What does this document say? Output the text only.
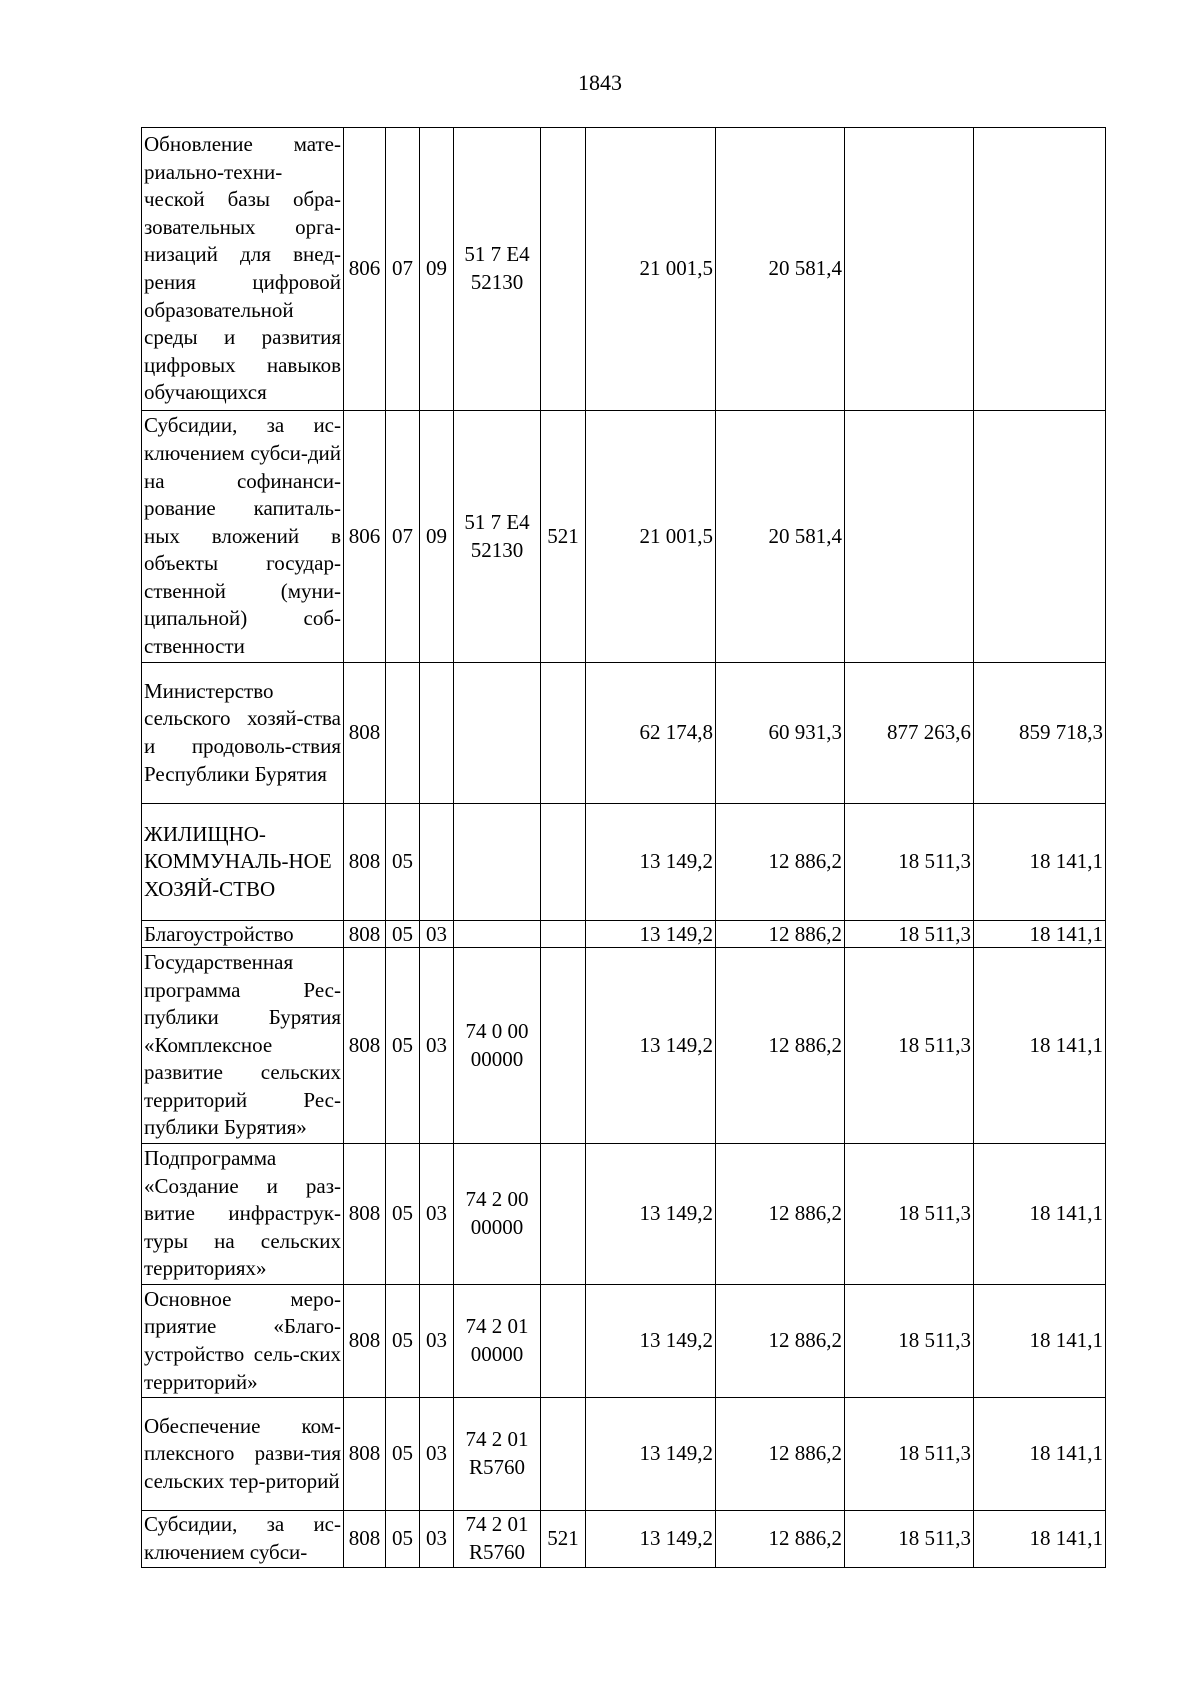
1843
Обновление мате-риально-техни-ческой базы обра-зовательных орга-низаций для внед-рения цифровой образовательной среды и развития цифровых навыков обучающихся	806	07	09	51 7 E4 52130		21 001,5	20 581,4		
Субсидии, за ис-ключением субси-дий на софинанси-рование капиталь-ных вложений в объекты государ-ственной (муни-ципальной) соб-ственности	806	07	09	51 7 E4 52130	521	21 001,5	20 581,4		
Министерство сельского хозяй-ства и продоволь-ствия Республики Бурятия	808					62 174,8	60 931,3	877 263,6	859 718,3
ЖИЛИЩНО-КОММУНАЛЬ-НОЕ ХОЗЯЙ-СТВО	808	05				13 149,2	12 886,2	18 511,3	18 141,1
Благоустройство	808	05	03			13 149,2	12 886,2	18 511,3	18 141,1
Государственная программа Рес-публики Бурятия «Комплексное развитие сельских территорий Рес-публики Бурятия»	808	05	03	74 0 00 00000		13 149,2	12 886,2	18 511,3	18 141,1
Подпрограмма «Создание и раз-витие инфраструк-туры на сельских территориях»	808	05	03	74 2 00 00000		13 149,2	12 886,2	18 511,3	18 141,1
Основное меро-приятие «Благо-устройство сель-ских территорий»	808	05	03	74 2 01 00000		13 149,2	12 886,2	18 511,3	18 141,1
Обеспечение ком-плексного разви-тия сельских тер-риторий	808	05	03	74 2 01 R5760		13 149,2	12 886,2	18 511,3	18 141,1
Субсидии, за ис-ключением субси-	808	05	03	74 2 01 R5760	521	13 149,2	12 886,2	18 511,3	18 141,1
